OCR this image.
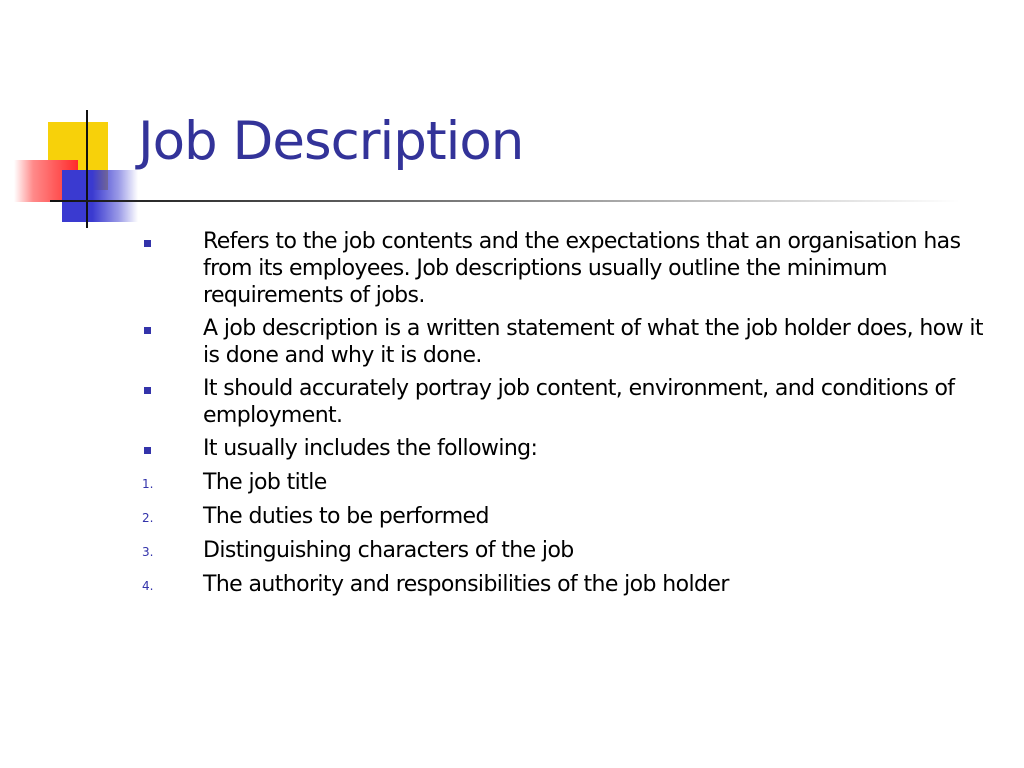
Job Description
Refers to the job contents and the expectations that an organisation has from its employees. Job descriptions usually outline the minimum requirements of jobs.
A job description is a written statement of what the job holder does, how it is done and why it is done.
It should accurately portray job content, environment, and conditions of employment.
It usually includes the following:
1. The job title
2. The duties to be performed
3. Distinguishing characters of the job
4. The authority and responsibilities of the job holder
